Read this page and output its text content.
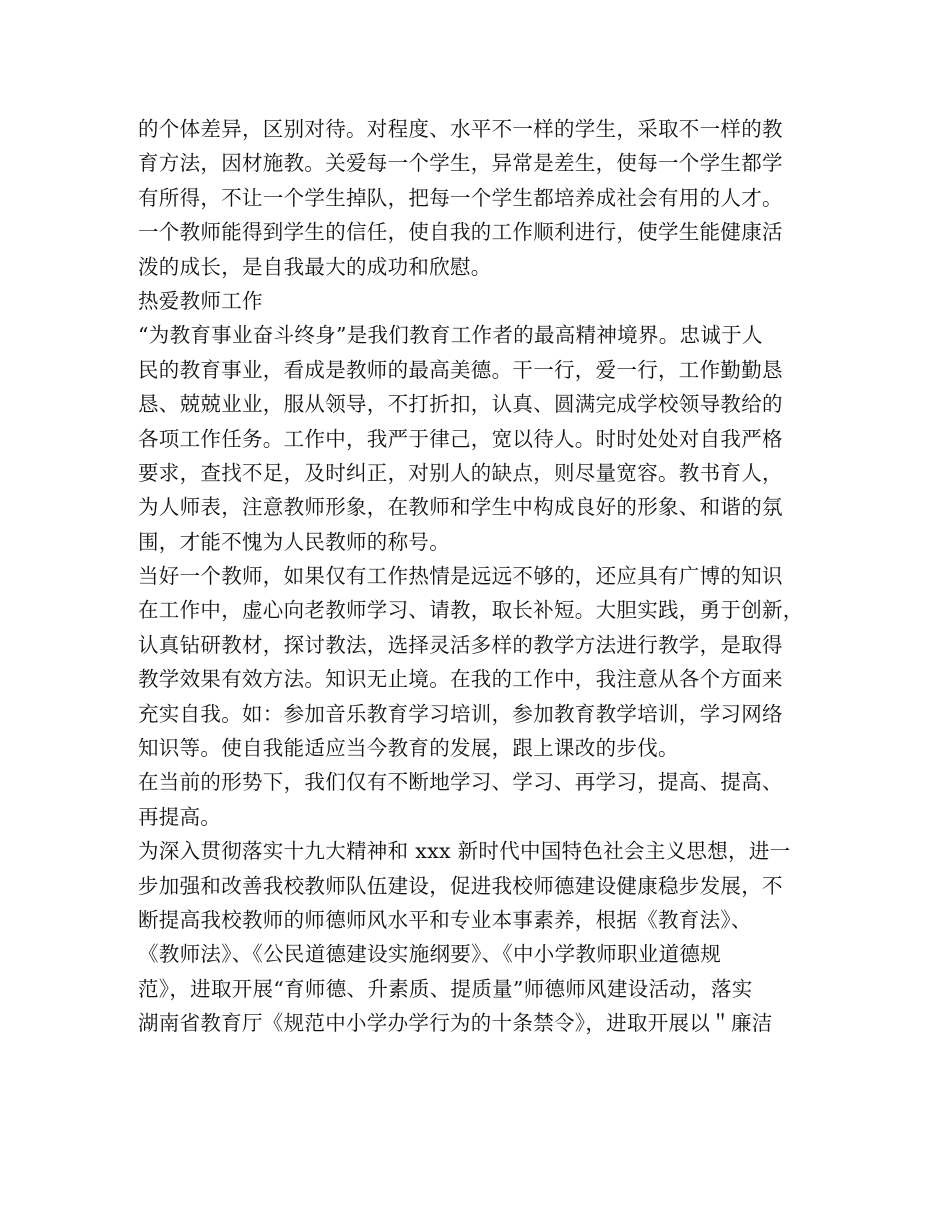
的个体差异，区别对待。对程度、水平不一样的学生，采取不一样的教
育方法，因材施教。关爱每一个学生，异常是差生，使每一个学生都学
有所得，不让一个学生掉队，把每一个学生都培养成社会有用的人才。
一个教师能得到学生的信任，使自我的工作顺利进行，使学生能健康活
泼的成长，是自我最大的成功和欣慰。
热爱教师工作
“为教育事业奋斗终身”是我们教育工作者的最高精神境界。忠诚于人
民的教育事业，看成是教师的最高美德。干一行，爱一行，工作勤勤恳
恳、兢兢业业，服从领导，不打折扣，认真、圆满完成学校领导教给的
各项工作任务。工作中，我严于律己，宽以待人。时时处处对自我严格
要求，查找不足，及时纠正，对别人的缺点，则尽量宽容。教书育人，
为人师表，注意教师形象，在教师和学生中构成良好的形象、和谐的氛
围，才能不愧为人民教师的称号。
当好一个教师，如果仅有工作热情是远远不够的，还应具有广博的知识
在工作中，虚心向老教师学习、请教，取长补短。大胆实践，勇于创新，
认真钻研教材，探讨教法，选择灵活多样的教学方法进行教学，是取得
教学效果有效方法。知识无止境。在我的工作中，我注意从各个方面来
充实自我。如：参加音乐教育学习培训，参加教育教学培训，学习网络
知识等。使自我能适应当今教育的发展，跟上课改的步伐。
在当前的形势下，我们仅有不断地学习、学习、再学习，提高、提高、
再提高。
为深入贯彻落实十九大精神和 xxx 新时代中国特色社会主义思想，进一
步加强和改善我校教师队伍建设，促进我校师德建设健康稳步发展，不
断提高我校教师的师德师风水平和专业本事素养，根据《教育法》、
《教师法》、《公民道德建设实施纲要》、《中小学教师职业道德规
范》，进取开展“育师德、升素质、提质量”师德师风建设活动，落实
湖南省教育厅《规范中小学办学行为的十条禁令》，进取开展以＂廉洁
